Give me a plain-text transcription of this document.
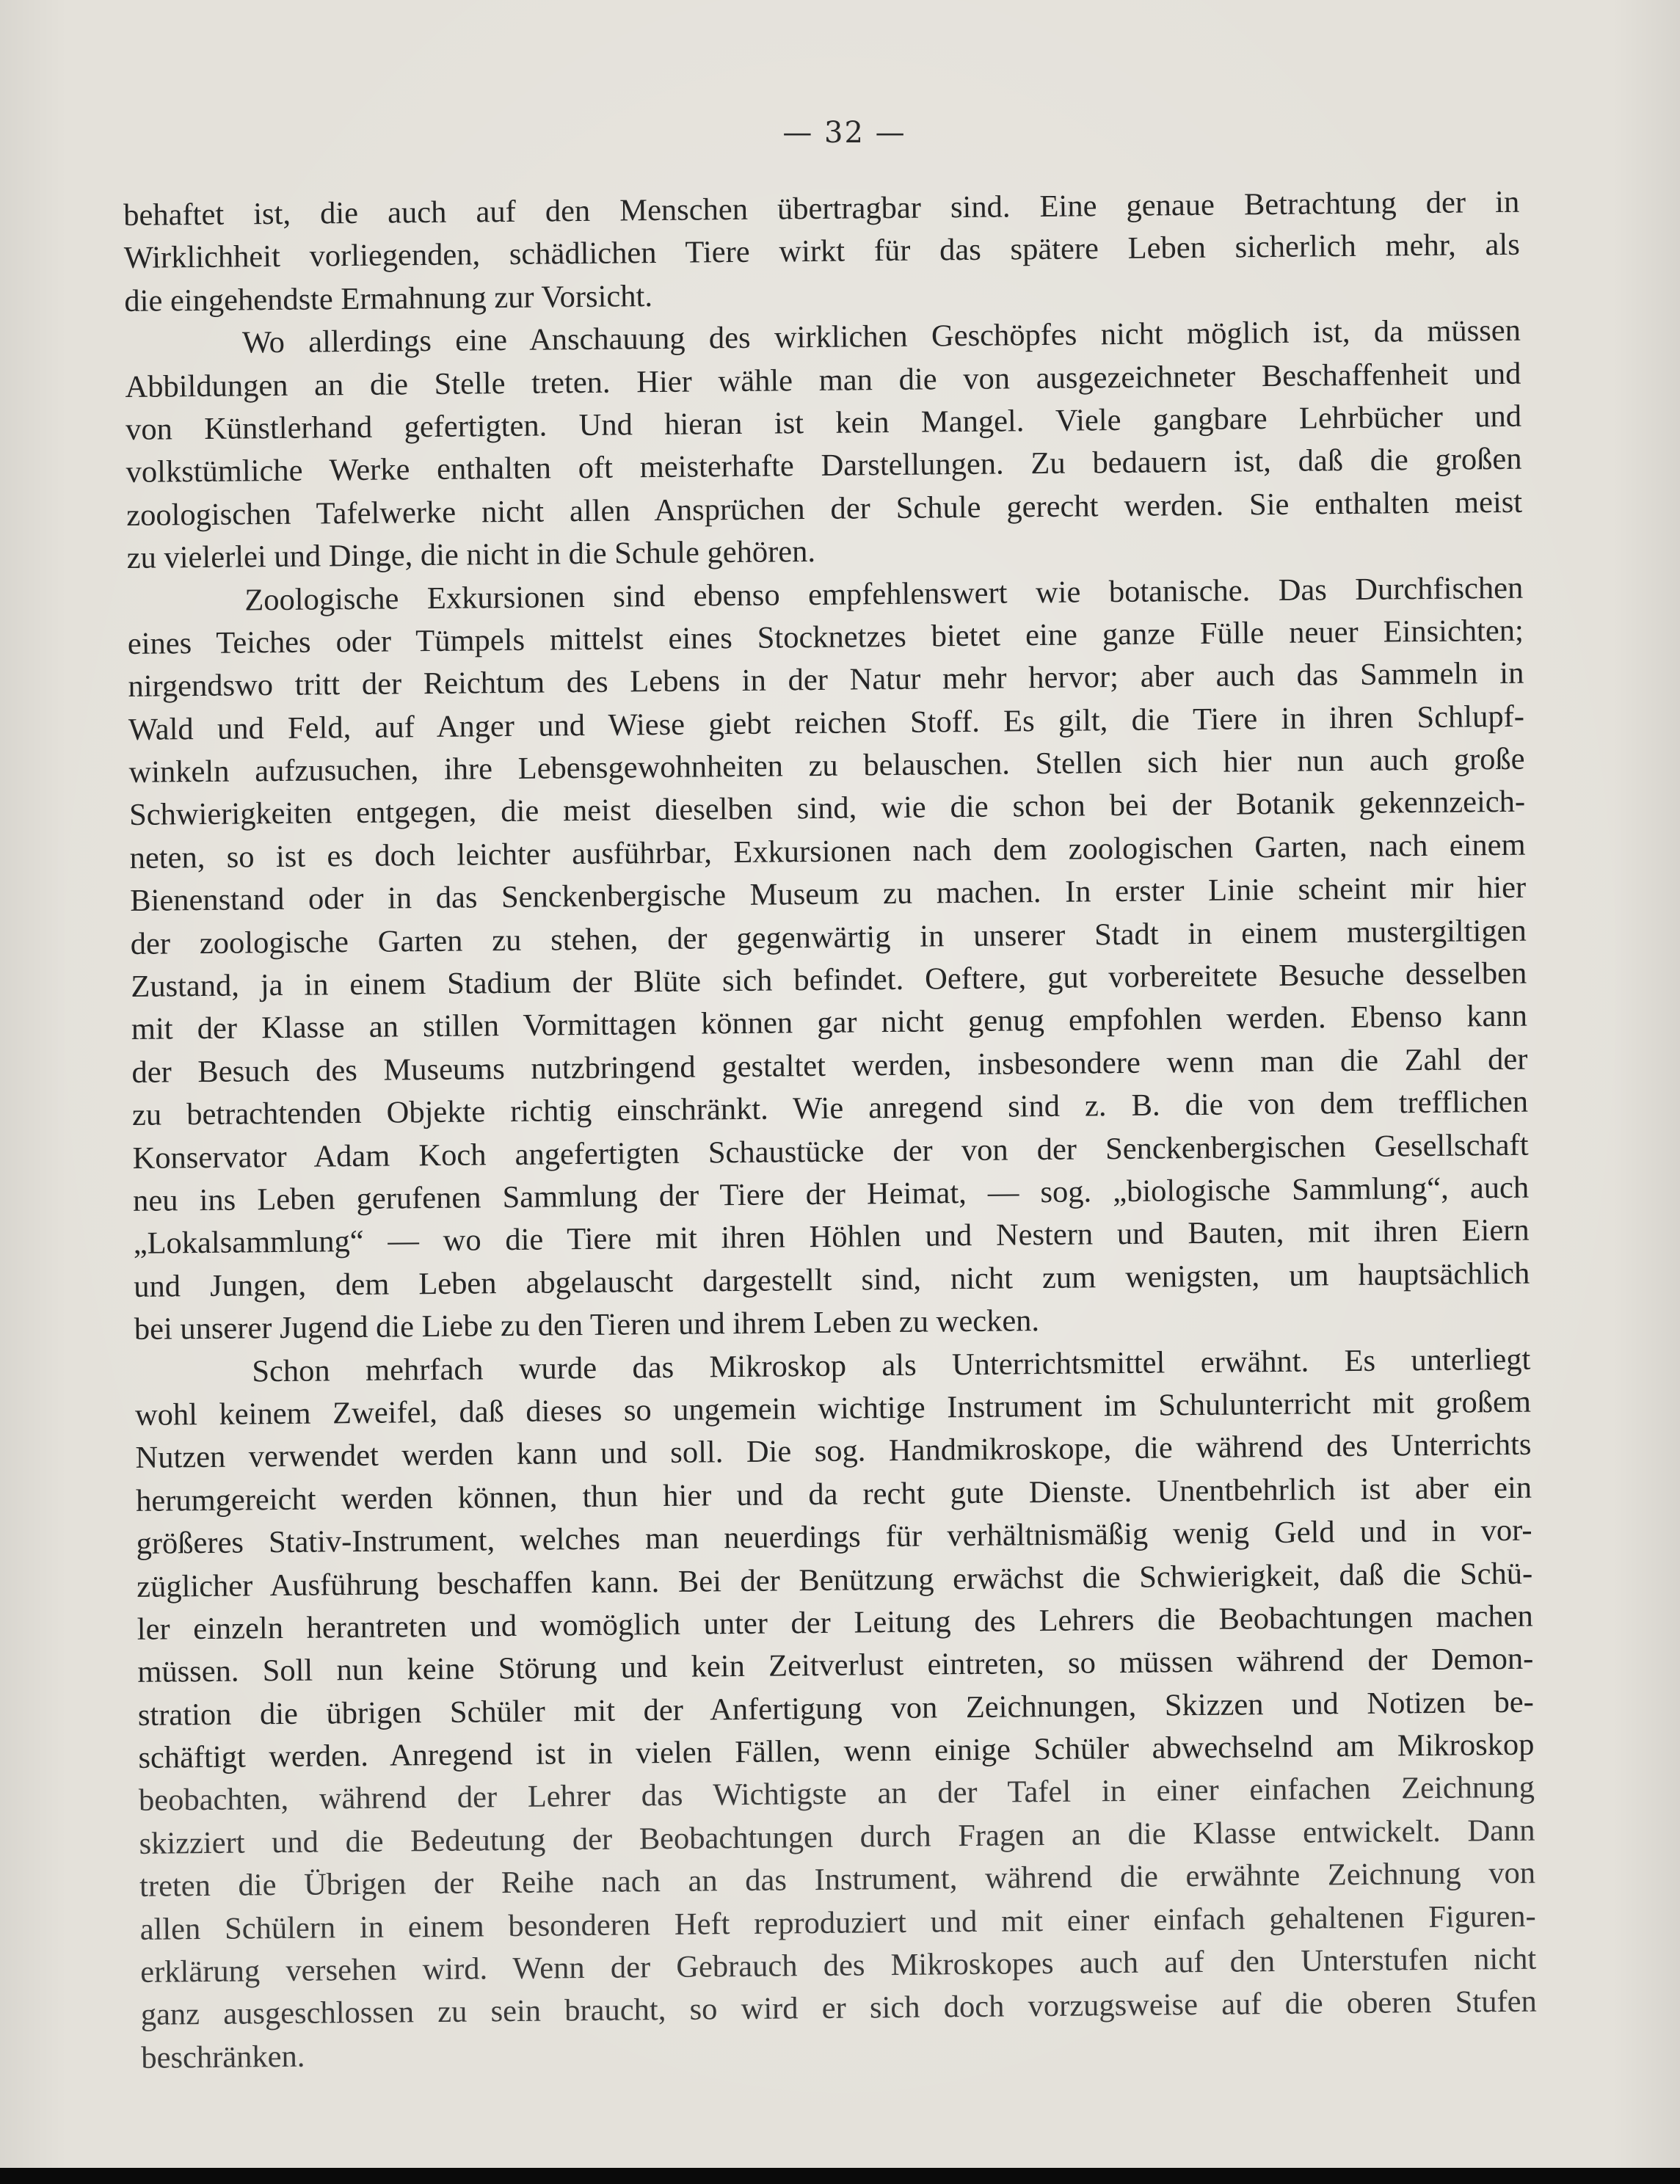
— 32 —
behaftet ist, die auch auf den Menschen übertragbar sind. Eine genaue Betrachtung der in
Wirklichheit vorliegenden, schädlichen Tiere wirkt für das spätere Leben sicherlich mehr, als
die eingehendste Ermahnung zur Vorsicht.
Wo allerdings eine Anschauung des wirklichen Geschöpfes nicht möglich ist, da müssen
Abbildungen an die Stelle treten. Hier wähle man die von ausgezeichneter Beschaffenheit und
von Künstlerhand gefertigten. Und hieran ist kein Mangel. Viele gangbare Lehrbücher und
volkstümliche Werke enthalten oft meisterhafte Darstellungen. Zu bedauern ist, daß die großen
zoologischen Tafelwerke nicht allen Ansprüchen der Schule gerecht werden. Sie enthalten meist
zu vielerlei und Dinge, die nicht in die Schule gehören.
Zoologische Exkursionen sind ebenso empfehlenswert wie botanische. Das Durchfischen
eines Teiches oder Tümpels mittelst eines Stocknetzes bietet eine ganze Fülle neuer Einsichten;
nirgendswo tritt der Reichtum des Lebens in der Natur mehr hervor; aber auch das Sammeln in
Wald und Feld, auf Anger und Wiese giebt reichen Stoff. Es gilt, die Tiere in ihren Schlupf-
winkeln aufzusuchen, ihre Lebensgewohnheiten zu belauschen. Stellen sich hier nun auch große
Schwierigkeiten entgegen, die meist dieselben sind, wie die schon bei der Botanik gekennzeich-
neten, so ist es doch leichter ausführbar, Exkursionen nach dem zoologischen Garten, nach einem
Bienenstand oder in das Senckenbergische Museum zu machen. In erster Linie scheint mir hier
der zoologische Garten zu stehen, der gegenwärtig in unserer Stadt in einem mustergiltigen
Zustand, ja in einem Stadium der Blüte sich befindet. Oeftere, gut vorbereitete Besuche desselben
mit der Klasse an stillen Vormittagen können gar nicht genug empfohlen werden. Ebenso kann
der Besuch des Museums nutzbringend gestaltet werden, insbesondere wenn man die Zahl der
zu betrachtenden Objekte richtig einschränkt. Wie anregend sind z. B. die von dem trefflichen
Konservator Adam Koch angefertigten Schaustücke der von der Senckenbergischen Gesellschaft
neu ins Leben gerufenen Sammlung der Tiere der Heimat, — sog. „biologische Sammlung“, auch
„Lokalsammlung“ — wo die Tiere mit ihren Höhlen und Nestern und Bauten, mit ihren Eiern
und Jungen, dem Leben abgelauscht dargestellt sind, nicht zum wenigsten, um hauptsächlich
bei unserer Jugend die Liebe zu den Tieren und ihrem Leben zu wecken.
Schon mehrfach wurde das Mikroskop als Unterrichtsmittel erwähnt. Es unterliegt
wohl keinem Zweifel, daß dieses so ungemein wichtige Instrument im Schulunterricht mit großem
Nutzen verwendet werden kann und soll. Die sog. Handmikroskope, die während des Unterrichts
herumgereicht werden können, thun hier und da recht gute Dienste. Unentbehrlich ist aber ein
größeres Stativ-Instrument, welches man neuerdings für verhältnismäßig wenig Geld und in vor-
züglicher Ausführung beschaffen kann. Bei der Benützung erwächst die Schwierigkeit, daß die Schü-
ler einzeln herantreten und womöglich unter der Leitung des Lehrers die Beobachtungen machen
müssen. Soll nun keine Störung und kein Zeitverlust eintreten, so müssen während der Demon-
stration die übrigen Schüler mit der Anfertigung von Zeichnungen, Skizzen und Notizen be-
schäftigt werden. Anregend ist in vielen Fällen, wenn einige Schüler abwechselnd am Mikroskop
beobachten, während der Lehrer das Wichtigste an der Tafel in einer einfachen Zeichnung
skizziert und die Bedeutung der Beobachtungen durch Fragen an die Klasse entwickelt. Dann
treten die Übrigen der Reihe nach an das Instrument, während die erwähnte Zeichnung von
allen Schülern in einem besonderen Heft reproduziert und mit einer einfach gehaltenen Figuren-
erklärung versehen wird. Wenn der Gebrauch des Mikroskopes auch auf den Unterstufen nicht
ganz ausgeschlossen zu sein braucht, so wird er sich doch vorzugsweise auf die oberen Stufen
beschränken.
